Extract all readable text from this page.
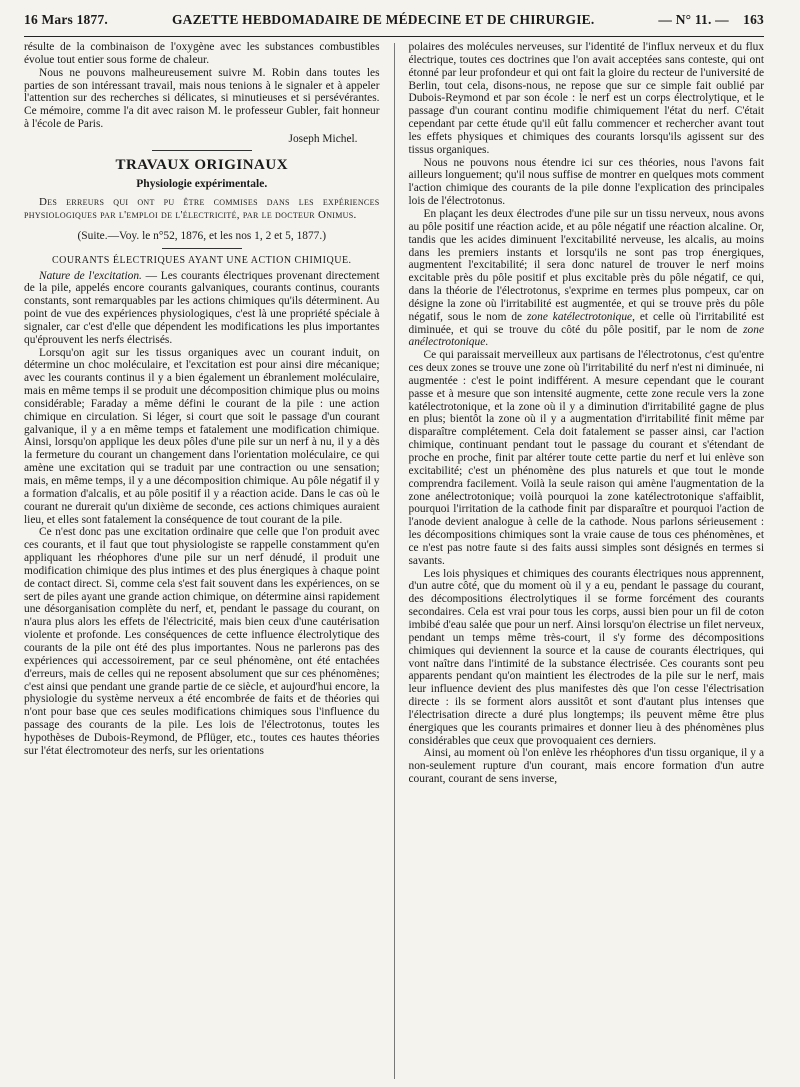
16 Mars 1877.	GAZETTE HEBDOMADAIRE DE MÉDECINE ET DE CHIRURGIE.	— N° 11. — 163

résulte de la combinaison de l'oxygène avec les substances combustibles évolue tout entier sous forme de chaleur.

Nous ne pouvons malheureusement suivre M. Robin dans toutes les parties de son intéressant travail, mais nous tenions à le signaler et à appeler l'attention sur des recherches si délicates, si minutieuses et si persévérantes. Ce mémoire, comme l'a dit avec raison M. le professeur Gubler, fait honneur à l'école de Paris.

Joseph Michel.

TRAVAUX ORIGINAUX
Physiologie expérimentale.

Des erreurs qui ont pu être commises dans les expériences physiologiques par l'emploi de l'électricité, par le docteur Onimus.

(Suite.—Voy. le n°52, 1876, et les nos 1, 2 et 5, 1877.)
COURANTS ÉLECTRIQUES AYANT UNE ACTION CHIMIQUE.

Nature de l'excitation. — Les courants électriques provenant directement de la pile, appelés encore courants galvaniques, courants continus, courants constants, sont remarquables par les actions chimiques qu'ils déterminent. Au point de vue des expériences physiologiques, c'est là une propriété spéciale à signaler, car c'est d'elle que dépendent les modifications les plus importantes qu'éprouvent les nerfs électrisés.

Lorsqu'on agit sur les tissus organiques avec un courant induit, on détermine un choc moléculaire, et l'excitation est pour ainsi dire mécanique; avec les courants continus il y a bien également un ébranlement moléculaire, mais en même temps il se produit une décomposition chimique plus ou moins considérable; Faraday a même défini le courant de la pile : une action chimique en circulation. Si léger, si court que soit le passage d'un courant galvanique, il y a en même temps et fatalement une modification chimique. Ainsi, lorsqu'on applique les deux pôles d'une pile sur un nerf à nu, il y a dès la fermeture du courant un changement dans l'orientation moléculaire, ce qui amène une excitation qui se traduit par une contraction ou une sensation; mais, en même temps, il y a une décomposition chimique. Au pôle négatif il y a formation d'alcalis, et au pôle positif il y a réaction acide. Dans le cas où le courant ne durerait qu'un dixième de seconde, ces actions chimiques auraient lieu, et elles sont fatalement la conséquence de tout courant de la pile.

Ce n'est donc pas une excitation ordinaire que celle que l'on produit avec ces courants, et il faut que tout physiologiste se rappelle constamment qu'en appliquant les rhéophores d'une pile sur un nerf dénudé, il produit une modification chimique des plus intimes et des plus énergiques à chaque point de contact direct. Si, comme cela s'est fait souvent dans les expériences, on se sert de piles ayant une grande action chimique, on détermine ainsi rapidement une désorganisation complète du nerf, et, pendant le passage du courant, on n'aura plus alors les effets de l'électricité, mais bien ceux d'une cautérisation violente et profonde. Les conséquences de cette influence électrolytique des courants de la pile ont été des plus importantes. Nous ne parlerons pas des expériences qui accessoirement, par ce seul phénomène, ont été entachées d'erreurs, mais de celles qui ne reposent absolument que sur ces phénomènes; c'est ainsi que pendant une grande partie de ce siècle, et aujourd'hui encore, la physiologie du système nerveux a été encombrée de faits et de théories qui n'ont pour base que ces seules modifications chimiques sous l'influence du passage des courants de la pile. Les lois de l'électrotonus, toutes les hypothèses de Dubois-Reymond, de Pflüger, etc., toutes ces hautes théories sur l'état électromoteur des nerfs, sur les orientations

polaires des molécules nerveuses, sur l'identité de l'influx nerveux et du flux électrique, toutes ces doctrines que l'on avait acceptées sans conteste, qui ont étonné par leur profondeur et qui ont fait la gloire du recteur de l'université de Berlin, tout cela, disons-nous, ne repose que sur ce simple fait oublié par Dubois-Reymond et par son école : le nerf est un corps électrolytique, et le passage d'un courant continu modifie chimiquement l'état du nerf. C'était cependant par cette étude qu'il eût fallu commencer et rechercher avant tout les effets physiques et chimiques des courants lorsqu'ils agissent sur des tissus organiques.

Nous ne pouvons nous étendre ici sur ces théories, nous l'avons fait ailleurs longuement; qu'il nous suffise de montrer en quelques mots comment l'action chimique des courants de la pile donne l'explication des principales lois de l'électrotonus.

En plaçant les deux électrodes d'une pile sur un tissu nerveux, nous avons au pôle positif une réaction acide, et au pôle négatif une réaction alcaline. Or, tandis que les acides diminuent l'excitabilité nerveuse, les alcalis, au moins dans les premiers instants et lorsqu'ils ne sont pas trop énergiques, augmentent l'excitabilité; il sera donc naturel de trouver le nerf moins excitable près du pôle positif et plus excitable près du pôle négatif, ce qui, dans la théorie de l'électrotonus, s'exprime en termes plus pompeux, car on désigne la zone où l'irritabilité est augmentée, et qui se trouve près du pôle négatif, sous le nom de zone katélectrotonique, et celle où l'irritabilité est diminuée, et qui se trouve du côté du pôle positif, par le nom de zone anélectrotonique.

Ce qui paraissait merveilleux aux partisans de l'électrotonus, c'est qu'entre ces deux zones se trouve une zone où l'irritabilité du nerf n'est ni diminuée, ni augmentée : c'est le point indifférent. A mesure cependant que le courant passe et à mesure que son intensité augmente, cette zone recule vers la zone katélectrotonique, et la zone où il y a diminution d'irritabilité gagne de plus en plus; bientôt la zone où il y a augmentation d'irritabilité finit même par disparaître complétement. Cela doit fatalement se passer ainsi, car l'action chimique, continuant pendant tout le passage du courant et s'étendant de proche en proche, finit par altérer toute cette partie du nerf et lui enlève son excitabilité; c'est un phénomène des plus naturels et que tout le monde comprendra facilement. Voilà la seule raison qui amène l'augmentation de la zone anélectrotonique; voilà pourquoi la zone katélectrotonique s'affaiblit, pourquoi l'irritation de la cathode finit par disparaître et pourquoi l'action de l'anode devient analogue à celle de la cathode. Nous parlons sérieusement : les décompositions chimiques sont la vraie cause de tous ces phénomènes, et ce n'est pas notre faute si des faits aussi simples sont désignés en termes si savants.

Les lois physiques et chimiques des courants électriques nous apprennent, d'un autre côté, que du moment où il y a eu, pendant le passage du courant, des décompositions électrolytiques il se forme forcément des courants secondaires. Cela est vrai pour tous les corps, aussi bien pour un fil de coton imbibé d'eau salée que pour un nerf. Ainsi lorsqu'on électrise un filet nerveux, pendant un temps même très-court, il s'y forme des décompositions chimiques qui deviennent la source et la cause de courants électriques, qui vont naître dans l'intimité de la substance électrisée. Ces courants sont peu apparents pendant qu'on maintient les électrodes de la pile sur le nerf, mais leur influence devient des plus manifestes dès que l'on cesse l'électrisation directe : ils se forment alors aussitôt et sont d'autant plus intenses que l'électrisation directe a duré plus longtemps; ils peuvent même être plus énergiques que les courants primaires et donner lieu à des phénomènes plus considérables que ceux que provoquaient ces derniers.

Ainsi, au moment où l'on enlève les rhéophores d'un tissu organique, il y a non-seulement rupture d'un courant, mais encore formation d'un autre courant, courant de sens inverse,
